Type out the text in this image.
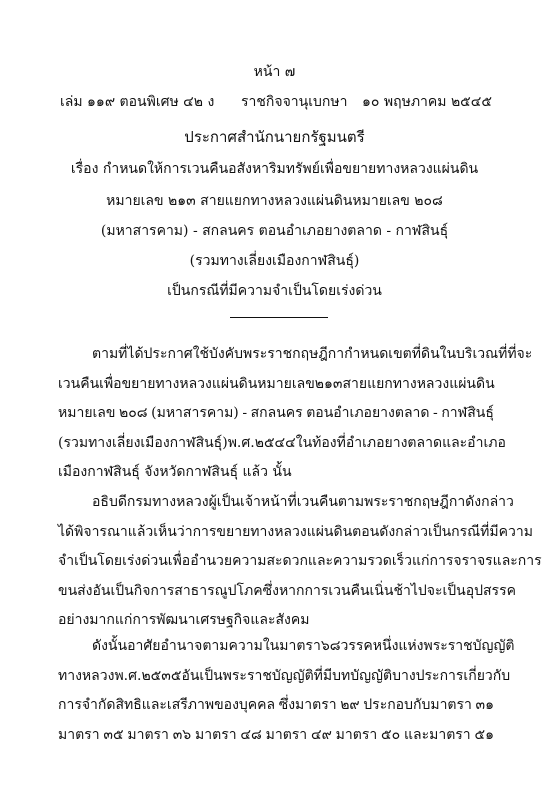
หน้า ๗
เล่ม ๑๑๙ ตอนพิเศษ ๔๒ ง ราชกิจจานุเบกษา ๑๐ พฤษภาคม ๒๕๔๕
ประกาศสำนักนายกรัฐมนตรี
เรื่อง กำหนดให้การเวนคืนอสังหาริมทรัพย์เพื่อขยายทางหลวงแผ่นดิน
หมายเลข ๒๑๓ สายแยกทางหลวงแผ่นดินหมายเลข ๒๐๘
(มหาสารคาม) - สกลนคร ตอนอำเภอยางตลาด - กาฬสินธุ์
(รวมทางเลี่ยงเมืองกาฬสินธุ์)
เป็นกรณีที่มีความจำเป็นโดยเร่งด่วน
ตามที่ได้ประกาศใช้บังคับพระราชกฤษฎีกากำหนดเขตที่ดินในบริเวณที่ที่จะ
เวนคืน เพื่อขยายทางหลวงแผ่นดินหมายเลข ๒๑๓ สายแยกทางหลวงแผ่นดิน
หมายเลข ๒๐๘ (มหาสารคาม) - สกลนคร ตอนอำเภอยางตลาด - กาฬสินธุ์
(รวมทางเลี่ยงเมืองกาฬสินธุ์) พ.ศ. ๒๕๔๔ ในท้องที่อำเภอยางตลาด และอำเภอ
เมืองกาฬสินธุ์ จังหวัดกาฬสินธุ์ แล้ว นั้น
อธิบดีกรมทางหลวงผู้เป็นเจ้าหน้าที่เวนคืนตามพระราชกฤษฎีกาดังกล่าว
ได้พิจารณาแล้วเห็นว่า การขยายทางหลวงแผ่นดินตอนดังกล่าวเป็นกรณีที่มีความ
จำเป็นโดยเร่งด่วน เพื่ออำนวยความสะดวกและความรวดเร็วแก่การจราจรและการ
ขนส่งอันเป็นกิจการสาธารณูปโภค ซึ่งหากการเวนคืนเนิ่นช้าไปจะเป็นอุปสรรค
อย่างมากแก่การพัฒนาเศรษฐกิจและสังคม
ดังนั้น อาศัยอำนาจตามความในมาตรา ๖๘ วรรคหนึ่ง แห่งพระราชบัญญัติ
ทางหลวง พ.ศ. ๒๕๓๕ อันเป็นพระราชบัญญัติที่มีบทบัญญัติบางประการเกี่ยวกับ
การจำกัดสิทธิและเสรีภาพของบุคคล ซึ่งมาตรา ๒๙ ประกอบกับมาตรา ๓๑
มาตรา ๓๕ มาตรา ๓๖ มาตรา ๔๘ มาตรา ๔๙ มาตรา ๕๐ และมาตรา ๕๑
